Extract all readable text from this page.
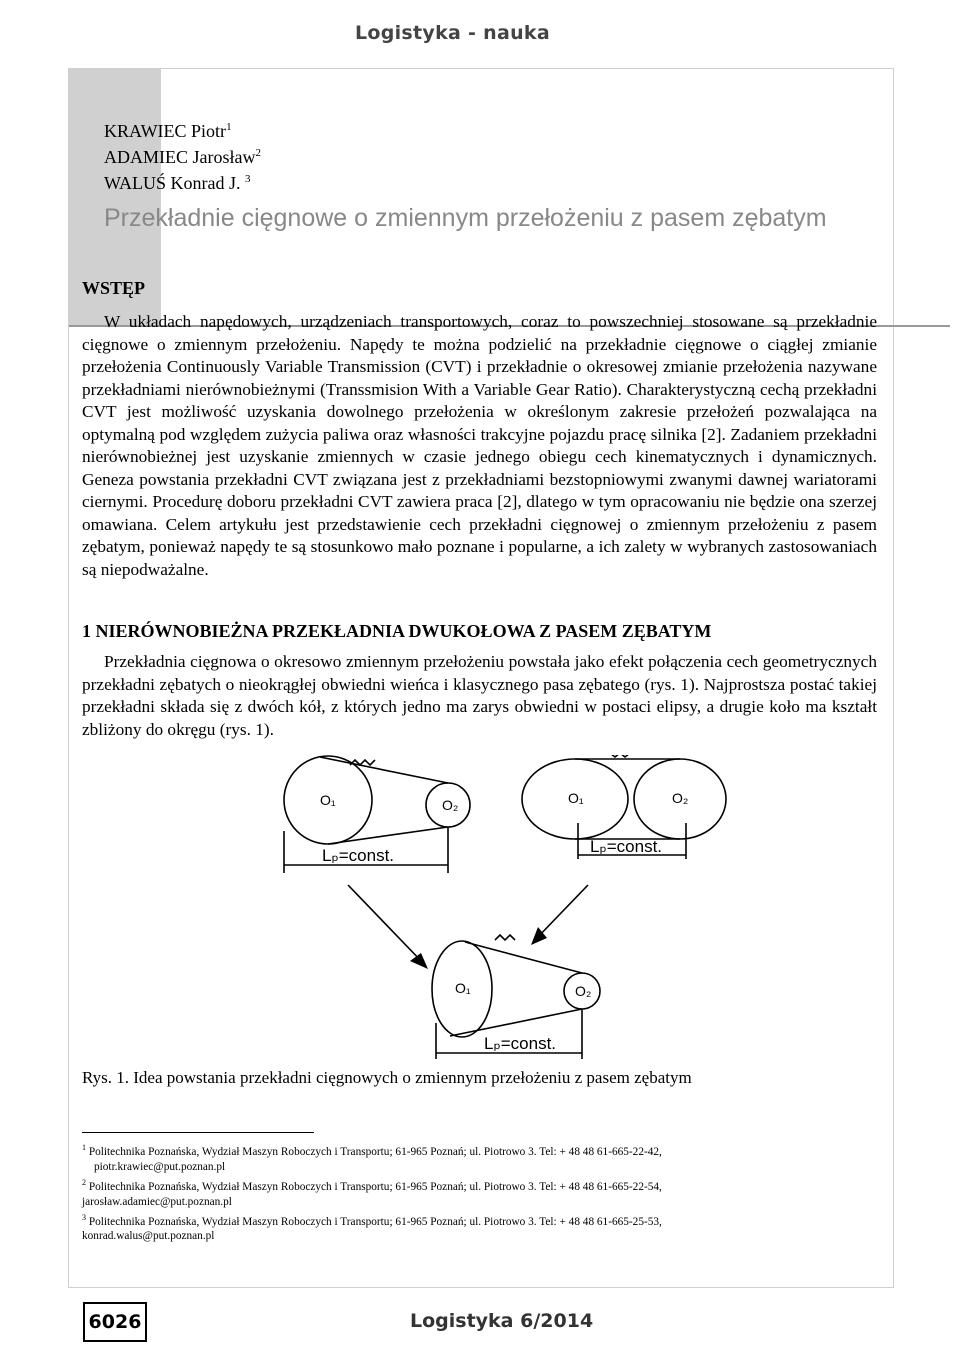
Logistyka - nauka
KRAWIEC Piotr$^1$
ADAMIEC Jarosław$^2$
WALUŚ Konrad J. $^3$
Przekładnie cięgnowe o zmiennym przełożeniu z pasem zębatym
WSTĘP
W układach napędowych, urządzeniach transportowych, coraz to powszechniej stosowane są przekładnie cięgnowe o zmiennym przełożeniu. Napędy te można podzielić na przekładnie cięgnowe o ciągłej zmianie przełożenia Continuously Variable Transmission (CVT) i przekładnie o okresowej zmianie przełożenia nazywane przekładniami nierównobieżnymi (Transsmision With a Variable Gear Ratio). Charakterystyczną cechą przekładni CVT jest możliwość uzyskania dowolnego przełożenia w określonym zakresie przełożeń pozwalająca na optymalną pod względem zużycia paliwa oraz własności trakcyjne pojazdu pracę silnika [2]. Zadaniem przekładni nierównobieżnej jest uzyskanie zmiennych w czasie jednego obiegu cech kinematycznych i dynamicznych. Geneza powstania przekładni CVT związana jest z przekładniami bezstopniowymi zwanymi dawnej wariatorami ciernymi. Procedurę doboru przekładni CVT zawiera praca [2], dlatego w tym opracowaniu nie będzie ona szerzej omawiana. Celem artykułu jest przedstawienie cech przekładni cięgnowej o zmiennym przełożeniu z pasem zębatym, ponieważ napędy te są stosunkowo mało poznane i popularne, a ich zalety w wybranych zastosowaniach są niepodważalne.
1 NIERÓWNOBIEŻNA PRZEKŁADNIA DWUKOŁOWA Z PASEM ZĘBATYM
Przekładnia cięgnowa o okresowo zmiennym przełożeniu powstała jako efekt połączenia cech geometrycznych przekładni zębatych o nieokrągłej obwiedni wieńca i klasycznego pasa zębatego (rys. 1). Najprostsza postać takiej przekładni składa się z dwóch kół, z których jedno ma zarys obwiedni w postaci elipsy, a drugie koło ma kształt zbliżony do okręgu (rys. 1).
O₁	O₂	O₁	O₂
O₁	O₂
Lₚ=const.	Lₚ=const.
Lₚ=const.
Rys. 1. Idea powstania przekładni cięgnowych o zmiennym przełożeniu z pasem zębatym
$^1$ Politechnika Poznańska, Wydział Maszyn Roboczych i Transportu; 61-965 Poznań; ul. Piotrowo 3. Tel: + 48 48 61-665-22-42,
piotr.krawiec@put.poznan.pl
$^2$ Politechnika Poznańska, Wydział Maszyn Roboczych i Transportu; 61-965 Poznań; ul. Piotrowo 3. Tel: + 48 48 61-665-22-54,
jarosław.adamiec@put.poznan.pl
$^3$ Politechnika Poznańska, Wydział Maszyn Roboczych i Transportu; 61-965 Poznań; ul. Piotrowo 3. Tel: + 48 48 61-665-25-53,
konrad.walus@put.poznan.pl
6026	Logistyka 6/2014
